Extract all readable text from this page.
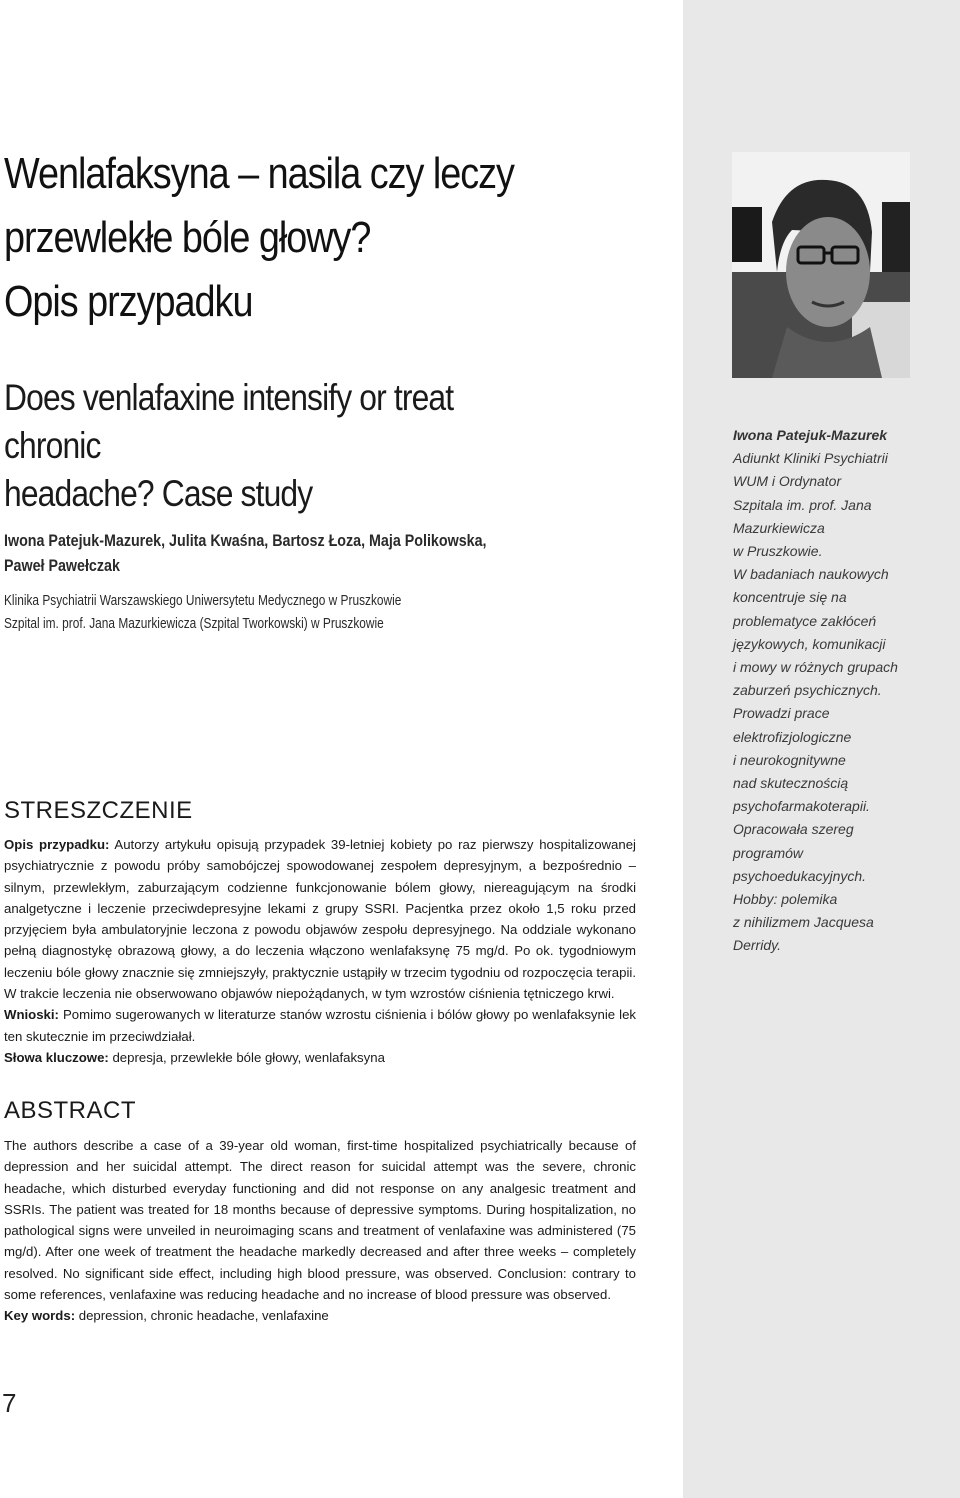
Wenlafaksyna – nasila czy leczy
przewlekłe bóle głowy?
Opis przypadku
Does venlafaxine intensify or treat chronic
headache? Case study

Iwona Patejuk-Mazurek, Julita Kwaśna, Bartosz Łoza, Maja Polikowska,
Paweł Pawełczak

Klinika Psychiatrii Warszawskiego Uniwersytetu Medycznego w Pruszkowie
Szpital im. prof. Jana Mazurkiewicza (Szpital Tworkowski) w Pruszkowie

STRESZCZENIE

Opis przypadku: Autorzy artykułu opisują przypadek 39-letniej kobiety po raz pierwszy hospitalizowanej psychiatrycznie z powodu próby samobójczej spowodowanej zespołem depresyjnym, a bezpośrednio – silnym, przewlekłym, zaburzającym codzienne funkcjonowanie bólem głowy, niereagującym na środki analgetyczne i leczenie przeciwdepresyjne lekami z grupy SSRI. Pacjentka przez około 1,5 roku przed przyjęciem była ambulatoryjnie leczona z powodu objawów zespołu depresyjnego. Na oddziale wykonano pełną diagnostykę obrazową głowy, a do leczenia włączono wenlafaksynę 75 mg/d. Po ok. tygodniowym leczeniu bóle głowy znacznie się zmniejszyły, praktycznie ustąpiły w trzecim tygodniu od rozpoczęcia terapii. W trakcie leczenia nie obserwowano objawów niepożądanych, w tym wzrostów ciśnienia tętniczego krwi.
Wnioski: Pomimo sugerowanych w literaturze stanów wzrostu ciśnienia i bólów głowy po wenlafaksynie lek ten skutecznie im przeciwdziałał.
Słowa kluczowe: depresja, przewlekłe bóle głowy, wenlafaksyna

ABSTRACT

The authors describe a case of a 39-year old woman, first-time hospitalized psychiatrically because of depression and her suicidal attempt. The direct reason for suicidal attempt was the severe, chronic headache, which disturbed everyday functioning and did not response on any analgesic treatment and SSRIs. The patient was treated for 18 months because of depressive symptoms. During hospitalization, no pathological signs were unveiled in neuroimaging scans and treatment of venlafaxine was administered (75 mg/d). After one week of treatment the headache markedly decreased and after three weeks – completely resolved. No significant side effect, including high blood pressure, was observed. Conclusion: contrary to some references, venlafaxine was reducing headache and no increase of blood pressure was observed.
Key words: depression, chronic headache, venlafaxine

7
Iwona Patejuk-Mazurek
Adiunkt Kliniki Psychiatrii
WUM i Ordynator
Szpitala im. prof. Jana
Mazurkiewicza
w Pruszkowie.
W badaniach naukowych
koncentruje się na
problematyce zakłóceń
językowych, komunikacji
i mowy w różnych grupach
zaburzeń psychicznych.
Prowadzi prace
elektrofizjologiczne
i neurokognitywne
nad skutecznością
psychofarmakoterapii.
Opracowała szereg
programów
psychoedukacyjnych.
Hobby: polemika
z nihilizmem Jacquesa
Derridy.
